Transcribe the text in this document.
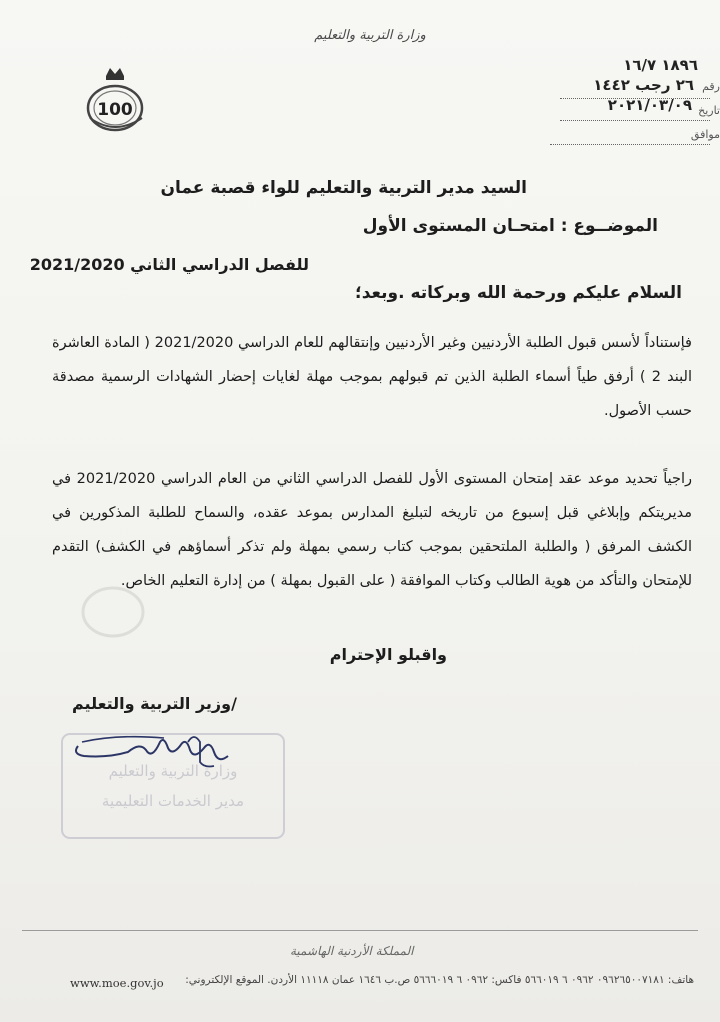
وزارة التربية والتعليم
١٨٩٦ ١٦/٧
رقم
٢٦ رجب ١٤٤٢
تاريخ
٢٠٢١/٠٣/٠٩
موافق
100
السيد مدير التربية والتعليم للواء قصبة عمان
الموضــوع : امتحـان المستوى الأول
للفصل الدراسي الثاني 2021/2020
السلام عليكم ورحمة الله وبركاته .وبعد؛
فإستناداً لأسس قبول الطلبة الأردنيين وغير الأردنيين وإنتقالهم للعام الدراسي 2021/2020 ( المادة العاشرة البند 2 ) أرفق طياً أسماء الطلبة الذين تم قبولهم بموجب مهلة لغايات إحضار الشهادات الرسمية مصدقة حسب الأصول.
راجياً تحديد موعد عقد إمتحان المستوى الأول للفصل الدراسي الثاني من العام الدراسي 2021/2020 في مديريتكم وإبلاغي قبل إسبوع من تاريخه لتبليغ المدارس بموعد عقده، والسماح للطلبة المذكورين في الكشف المرفق ( والطلبة الملتحقين بموجب كتاب رسمي بمهلة ولم تذكر أسماؤهم في الكشف) التقدم للإمتحان والتأكد من هوية الطالب وكتاب الموافقة ( على القبول بمهلة ) من إدارة التعليم الخاص.
واقبلو الإحترام
/وزير التربية والتعليم
وزارة التربية والتعليم
مدير الخدمات التعليمية
المملكة الأردنية الهاشمية
هاتف: ٠٩٦٢٦٥٠٠٧١٨١ ٠٩٦٢ ٦ ٥٦٦٠١٩ فاكس: ٠٩٦٢ ٦ ٥٦٦٦٠١٩ ص.ب ١٦٤٦ عمان ١١١١٨ الأردن. الموقع الإلكتروني:
www.moe.gov.jo
